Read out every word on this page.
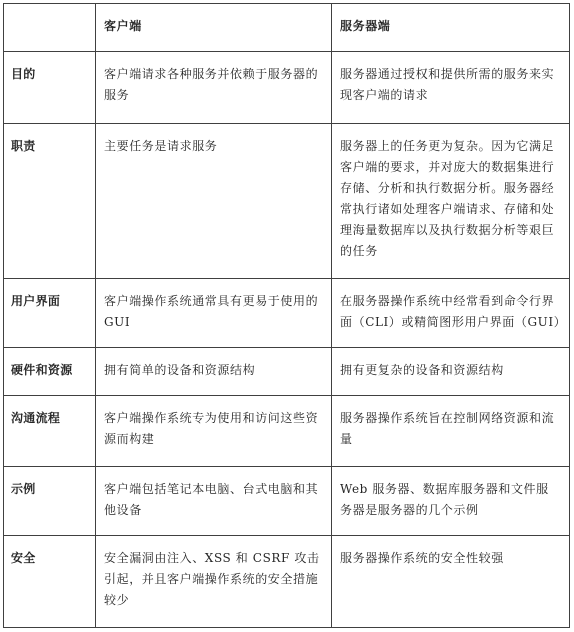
	客户端	服务器端
目的	客户端请求各种服务并依赖于服务器的服务	服务器通过授权和提供所需的服务来实现客户端的请求
职责	主要任务是请求服务	服务器上的任务更为复杂。因为它满足客户端的要求，并对庞大的数据集进行存储、分析和执行数据分析。服务器经常执行诸如处理客户端请求、存储和处理海量数据库以及执行数据分析等艰巨的任务
用户界面	客户端操作系统通常具有更易于使用的 GUI	在服务器操作系统中经常看到命令行界面（CLI）或精简图形用户界面（GUI）
硬件和资源	拥有简单的设备和资源结构	拥有更复杂的设备和资源结构
沟通流程	客户端操作系统专为使用和访问这些资源而构建	服务器操作系统旨在控制网络资源和流量
示例	客户端包括笔记本电脑、台式电脑和其他设备	Web 服务器、数据库服务器和文件服务器是服务器的几个示例
安全	安全漏洞由注入、XSS 和 CSRF 攻击引起，并且客户端操作系统的安全措施较少	服务器操作系统的安全性较强
